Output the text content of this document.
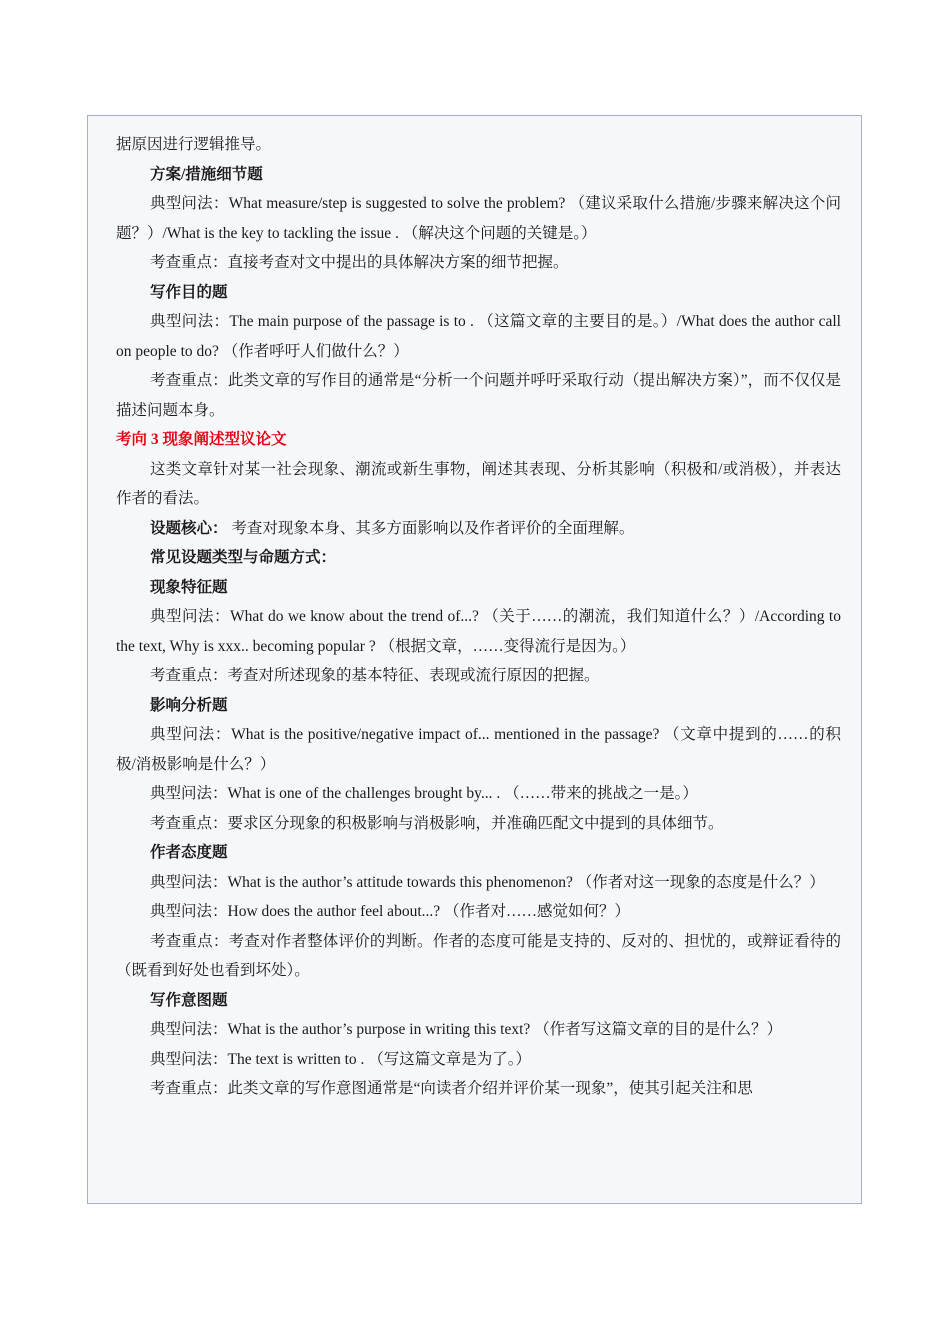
据原因进行逻辑推导。

方案/措施细节题

典型问法：What measure/step is suggested to solve the problem? （建议采取什么措施/步骤来解决这个问题？）/What is the key to tackling the issue . （解决这个问题的关键是。）

考查重点：直接考查对文中提出的具体解决方案的细节把握。

写作目的题

典型问法：The main purpose of the passage is to . （这篇文章的主要目的是。）/What does the author call on people to do? （作者呼吁人们做什么？）

考查重点：此类文章的写作目的通常是“分析一个问题并呼吁采取行动（提出解决方案）”，而不仅仅是描述问题本身。

考向 3 现象阐述型议论文

这类文章针对某一社会现象、潮流或新生事物，阐述其表现、分析其影响（积极和/或消极），并表达作者的看法。

设题核心： 考查对现象本身、其多方面影响以及作者评价的全面理解。

常见设题类型与命题方式：

现象特征题

典型问法：What do we know about the trend of...? （关于……的潮流，我们知道什么？）/According to the text, Why is xxx.. becoming popular ? （根据文章，……变得流行是因为。）

考查重点：考查对所述现象的基本特征、表现或流行原因的把握。

影响分析题

典型问法：What is the positive/negative impact of... mentioned in the passage? （文章中提到的……的积极/消极影响是什么？）

典型问法：What is one of the challenges brought by... . （……带来的挑战之一是。）

考查重点：要求区分现象的积极影响与消极影响，并准确匹配文中提到的具体细节。

作者态度题

典型问法：What is the author’s attitude towards this phenomenon? （作者对这一现象的态度是什么？）

典型问法：How does the author feel about...? （作者对……感觉如何？）

考查重点：考查对作者整体评价的判断。作者的态度可能是支持的、反对的、担忧的，或辩证看待的（既看到好处也看到坏处）。

写作意图题

典型问法：What is the author’s purpose in writing this text? （作者写这篇文章的目的是什么？）

典型问法：The text is written to . （写这篇文章是为了。）

考查重点：此类文章的写作意图通常是“向读者介绍并评价某一现象”，使其引起关注和思
